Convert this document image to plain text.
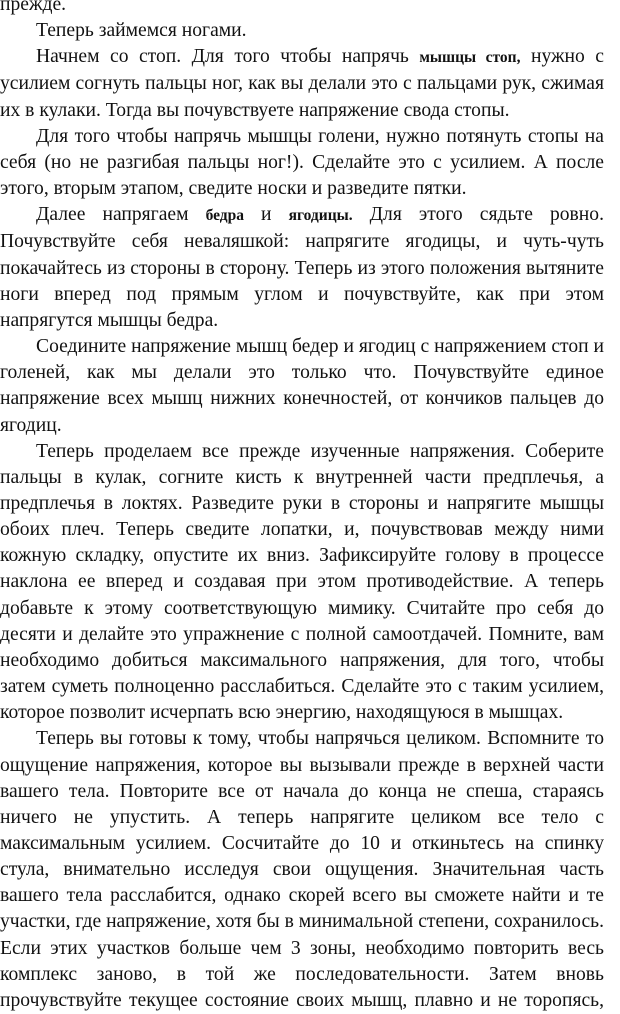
прежде.

Теперь займемся ногами.

Начнем со стоп. Для того чтобы напрячь мышцы стоп, нужно с усилием согнуть пальцы ног, как вы делали это с пальцами рук, сжимая их в кулаки. Тогда вы почувствуете напряжение свода стопы.

Для того чтобы напрячь мышцы голени, нужно потянуть стопы на себя (но не разгибая пальцы ног!). Сделайте это с усилием. А после этого, вторым этапом, сведите носки и разведите пятки.

Далее напрягаем бедра и ягодицы. Для этого сядьте ровно. Почувствуйте себя неваляшкой: напрягите ягодицы, и чуть-чуть покачайтесь из стороны в сторону. Теперь из этого положения вытяните ноги вперед под прямым углом и почувствуйте, как при этом напрягутся мышцы бедра.

Соедините напряжение мышц бедер и ягодиц с напряжением стоп и голеней, как мы делали это только что. Почувствуйте единое напряжение всех мышц нижних конечностей, от кончиков пальцев до ягодиц.

Теперь проделаем все прежде изученные напряжения. Соберите пальцы в кулак, согните кисть к внутренней части предплечья, а предплечья в локтях. Разведите руки в стороны и напрягите мышцы обоих плеч. Теперь сведите лопатки, и, почувствовав между ними кожную складку, опустите их вниз. Зафиксируйте голову в процессе наклона ее вперед и создавая при этом противодействие. А теперь добавьте к этому соответствующую мимику. Считайте про себя до десяти и делайте это упражнение с полной самоотдачей. Помните, вам необходимо добиться максимального напряжения, для того, чтобы затем суметь полноценно расслабиться. Сделайте это с таким усилием, которое позволит исчерпать всю энергию, находящуюся в мышцах.

Теперь вы готовы к тому, чтобы напрячься целиком. Вспомните то ощущение напряжения, которое вы вызывали прежде в верхней части вашего тела. Повторите все от начала до конца не спеша, стараясь ничего не упустить. А теперь напрягите целиком все тело с максимальным усилием. Сосчитайте до 10 и откиньтесь на спинку стула, внимательно исследуя свои ощущения. Значительная часть вашего тела расслабится, однако скорей всего вы сможете найти и те участки, где напряжение, хотя бы в минимальной степени, сохранилось. Если этих участков больше чем 3 зоны, необходимо повторить весь комплекс заново, в той же последовательности. Затем вновь прочувствуйте текущее состояние своих мышц, плавно и не торопясь,
